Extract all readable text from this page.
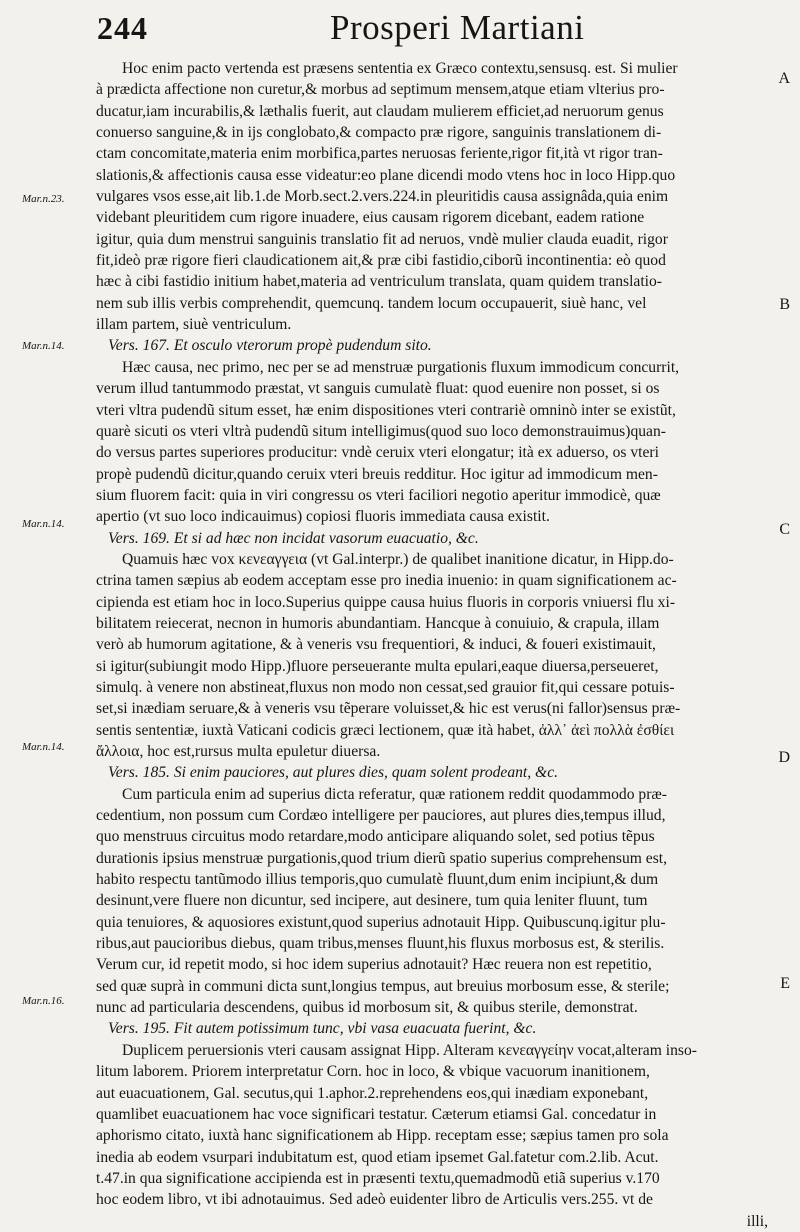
244	Prosperi Martiani
Mar.n.23.
Mar.n.14.
Mar.n.14.
Mar.n.14.
Mar.n.16.
A
B
C
D
E
Hoc enim pacto vertenda est præsens sententia ex Græco contextu,sensusq. est. Si mulier
à prædicta affectione non curetur,& morbus ad septimum mensem,atque etiam vlterius pro-
ducatur,iam incurabilis,& læthalis fuerit, aut claudam mulierem efficiet,ad neruorum genus
conuerso sanguine,& in ijs conglobato,& compacto præ rigore, sanguinis translationem di-
ctam concomitate,materia enim morbifica,partes neruosas feriente,rigor fit,ità vt rigor tran-
slationis,& affectionis causa esse videatur:eo plane dicendi modo vtens hoc in loco Hipp.quo
vulgares vsos esse,ait lib.1.de Morb.sect.2.vers.224.in pleuritidis causa assignâda,quia enim
videbant pleuritidem cum rigore inuadere, eius causam rigorem dicebant, eadem ratione
igitur, quia dum menstrui sanguinis translatio fit ad neruos, vndè mulier clauda euadit, rigor
fit,ideò præ rigore fieri claudicationem ait,& præ cibi fastidio,ciborũ incontinentia: eò quod
hæc à cibi fastidio initium habet,materia ad ventriculum translata, quam quidem translatio-
nem sub illis verbis comprehendit, quemcunq. tandem locum occupauerit, siuè hanc, vel
illam partem, siuè ventriculum.
Vers. 167. Et osculo vterorum propè pudendum sito.
Hæc causa, nec primo, nec per se ad menstruæ purgationis fluxum immodicum concurrit,
verum illud tantummodo præstat, vt sanguis cumulatè fluat: quod euenire non posset, si os
vteri vltra pudendũ situm esset, hæ enim dispositiones vteri contrariè omninò inter se existũt,
quarè sicuti os vteri vltrà pudendũ situm intelligimus(quod suo loco demonstrauimus)quan-
do versus partes superiores producitur: vndè ceruix vteri elongatur; ità ex aduerso, os vteri
propè pudendũ dicitur,quando ceruix vteri breuis redditur. Hoc igitur ad immodicum men-
sium fluorem facit: quia in viri congressu os vteri faciliori negotio aperitur immodicè, quæ
apertio (vt suo loco indicauimus) copiosi fluoris immediata causa existit.
Vers. 169. Et si ad hæc non incidat vasorum euacuatio, &c.
Quamuis hæc vox κενεαγγεια (vt Gal.interpr.) de qualibet inanitione dicatur, in Hipp.do-
ctrina tamen sæpius ab eodem acceptam esse pro inedia inuenio: in quam significationem ac-
cipienda est etiam hoc in loco.Superius quippe causa huius fluoris in corporis vniuersi flu xi-
bilitatem reiecerat, necnon in humoris abundantiam. Hancque à conuiuio, & crapula, illam
verò ab humorum agitatione, & à veneris vsu frequentiori, & induci, & foueri existimauit,
si igitur(subiungit modo Hipp.)fluore perseuerante multa epulari,eaque diuersa,perseueret,
simulq. à venere non abstineat,fluxus non modo non cessat,sed grauior fit,qui cessare potuis-
set,si inædiam seruare,& à veneris vsu tẽperare voluisset,& hic est verus(ni fallor)sensus præ-
sentis sententiæ, iuxtà Vaticani codicis græci lectionem, quæ ità habet, ἀλλ᾽ ἀεὶ πολλὰ ἐσθίει
ἄλλοια, hoc est,rursus multa epuletur diuersa.
Vers. 185. Si enim pauciores, aut plures dies, quam solent prodeant, &c.
Cum particula enim ad superius dicta referatur, quæ rationem reddit quodammodo præ-
cedentium, non possum cum Cordæo intelligere per pauciores, aut plures dies,tempus illud,
quo menstruus circuitus modo retardare,modo anticipare aliquando solet, sed potius tẽpus
durationis ipsius menstruæ purgationis,quod trium dierũ spatio superius comprehensum est,
habito respectu tantũmodo illius temporis,quo cumulatè fluunt,dum enim incipiunt,& dum
desinunt,vere fluere non dicuntur, sed incipere, aut desinere, tum quia leniter fluunt, tum
quia tenuiores, & aquosiores existunt,quod superius adnotauit Hipp. Quibuscunq.igitur plu-
ribus,aut paucioribus diebus, quam tribus,menses fluunt,his fluxus morbosus est, & sterilis.
Verum cur, id repetit modo, si hoc idem superius adnotauit? Hæc reuera non est repetitio,
sed quæ suprà in communi dicta sunt,longius tempus, aut breuius morbosum esse, & sterile;
nunc ad particularia descendens, quibus id morbosum sit, & quibus sterile, demonstrat.
Vers. 195. Fit autem potissimum tunc, vbi vasa euacuata fuerint, &c.
Duplicem peruersionis vteri causam assignat Hipp. Alteram κενεαγγείην vocat,alteram inso-
litum laborem. Priorem interpretatur Corn. hoc in loco, & vbique vacuorum inanitionem,
aut euacuationem, Gal. secutus,qui 1.aphor.2.reprehendens eos,qui inædiam exponebant,
quamlibet euacuationem hac voce significari testatur. Cæterum etiamsi Gal. concedatur in
aphorismo citato, iuxtà hanc significationem ab Hipp. receptam esse; sæpius tamen pro sola
inedia ab eodem vsurpari indubitatum est, quod etiam ipsemet Gal.fatetur com.2.lib. Acut.
t.47.in qua significatione accipienda est in præsenti textu,quemadmodũ etiã superius v.170
hoc eodem libro, vt ibi adnotauimus. Sed adeò euidenter libro de Articulis vers.255. vt de
illi,
